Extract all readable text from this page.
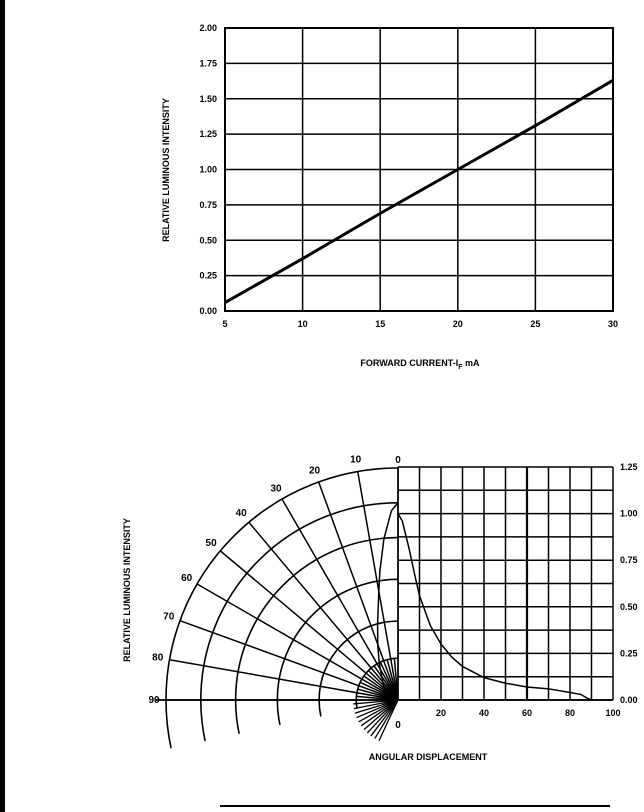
0.00
0.25
0.50
0.75
1.00
1.25
1.50
1.75
2.00
5	10	15	20	25	30
RELATIVE LUMINOUS INTENSITY
FORWARD CURRENT-$I_F$ mA
0
10
20
30
40
50
60
70
80
90
0
0.00
0.25
0.50
0.75
1.00
1.25
20	40	60	80	100
RELATIVE LUMINOUS INTENSITY
ANGULAR DISPLACEMENT
